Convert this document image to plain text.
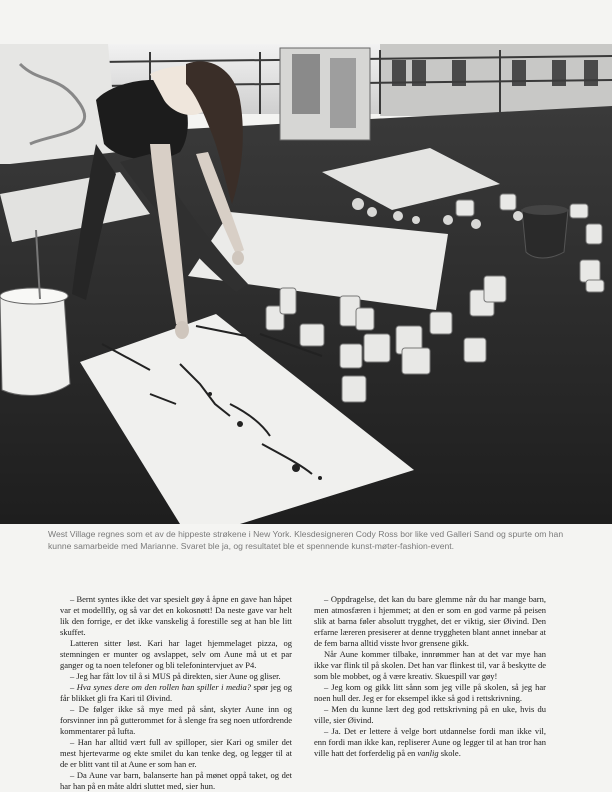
West Village regnes som et av de hippeste strøkene i New York. Klesdesigneren Cody Ross bor like ved Galleri Sand og spurte om han kunne samarbeide med Marianne. Svaret ble ja, og resultatet ble et spennende kunst-møter-fashion-event.

– Bernt syntes ikke det var spesielt gøy å åpne en gave han håpet var et modellfly, og så var det en kokosnøtt! Da neste gave var helt lik den forrige, er det ikke vanskelig å forestille seg at han ble litt skuffet.

Latteren sitter løst. Kari har laget hjemmelaget pizza, og stemningen er munter og avslappet, selv om Aune må ut et par ganger og ta noen telefoner og bli telefonintervjuet av P4.

– Jeg har fått lov til å si MUS på direkten, sier Aune og gliser.

– Hva synes dere om den rollen han spiller i media? spør jeg og får blikket gli fra Kari til Øivind.

– De følger ikke så mye med på sånt, skyter Aune inn og forsvinner inn på gutterommet for å slenge fra seg noen utfordrende kommentarer på lufta.

– Han har alltid vært full av spilloper, sier Kari og smiler det mest hjertevarme og ekte smilet du kan tenke deg, og legger til at de er blitt vant til at Aune er som han er.

– Da Aune var barn, balanserte han på mønet oppå taket, og det har han på en måte aldri sluttet med, sier hun.

– Oppdragelse, det kan du bare glemme når du har mange barn, men atmosfæren i hjemmet; at den er som en god varme på peisen slik at barna føler absolutt trygghet, det er viktig, sier Øivind. Den erfarne læreren presiserer at denne tryggheten blant annet innebar at de fem barna alltid visste hvor grensene gikk.

Når Aune kommer tilbake, innrømmer han at det var mye han ikke var flink til på skolen. Det han var flinkest til, var å beskytte de som ble mobbet, og å være kreativ. Skuespill var gøy!

– Jeg kom og gikk litt sånn som jeg ville på skolen, så jeg har noen hull der. Jeg er for eksempel ikke så god i rettskrivning.

– Men du kunne lært deg god rettskrivning på en uke, hvis du ville, sier Øivind.

– Ja. Det er lettere å velge bort utdannelse fordi man ikke vil, enn fordi man ikke kan, repliserer Aune og legger til at han tror han ville hatt det forferdelig på en vanlig skole.
